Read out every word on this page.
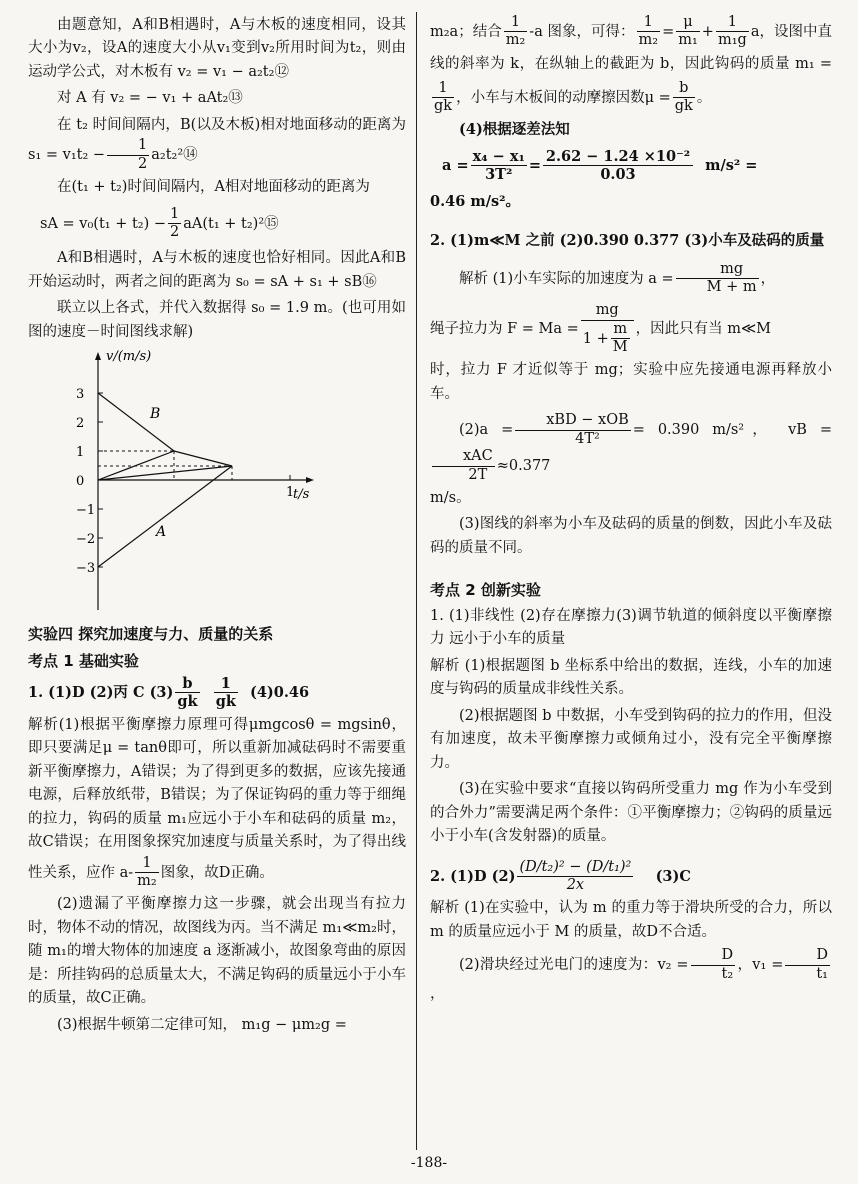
由题意知，A和B相遇时，A与木板的速度相同，设其大小为v₂，设A的速度大小从v₁变到v₂所用时间为t₂，则由运动学公式，对木板有 v₂ = v₁ − a₂t₂⑫

对 A 有 v₂ = − v₁ + aAt₂⑬

在 t₂ 时间间隔内，B(以及木板)相对地面移动的距离为 $s_1 = v_1t_2 - \frac{1}{2}$ a₂t₂²⑭

在(t₁ + t₂)时间间隔内，A相对地面移动的距离为

sA = $v_0(t_1 + t_2) - \frac{1}{2} aA(t_1$ + t₂)²⑮

A和B相遇时，A与木板的速度也恰好相同。因此A和B开始运动时，两者之间的距离为 s₀ = sA + s₁ + sB⑯

联立以上各式，并代入数据得 s₀ = 1.9 m。(也可用如图的速度－时间图线求解)

v/(m/s)
t/s
3
2
1
0
−1
−2
−3
1
B
A

实验四 探究加速度与力、质量的关系

考点 1 基础实验

1. (1)D (2)丙 C $(3) \frac{b}{gk}$
$\frac{1}{gk} (4)0.46$

解析(1)根据平衡摩擦力原理可得μmgcosθ = mgsinθ，即只要满足μ = tanθ即可，所以重新加减砝码时不需要重新平衡摩擦力，A错误；为了得到更多的数据，应该先接通电源，后释放纸带，B错误；为了保证钩码的重力等于细绳的拉力，钩码的质量 m₁应远小于小车和砝码的质量 m₂，故C错误；在用图象探究加速度与质量关系时，为了得出线性关系，应作 $a- \frac{1}{\text{m₂}}$ 图象，故D正确。

(2)遗漏了平衡摩擦力这一步骤，就会出现当有拉力时，物体不动的情况，故图线为丙。当不满足 m₁≪m₂时，随 m₁的增大物体的加速度 a 逐渐减小，故图象弯曲的原因是：所挂钩码的总质量太大，不满足钩码的质量远小于小车的质量，故C正确。

(3)根据牛顿第二定律可知， m₁g − μm₂g =

m₂a；结合 $\frac{1}{\text{m₂}} -a$ 图象，可得： $\frac{1}{\text{m₂}} = \frac{\mu}{\text{m₁}} + \frac{1}{\text{m₁g}}$ a，设图中直线的斜率为 k，在纵轴上的截距为 b，因此钩码的质量 m₁ =
$\frac{1}{gk}$ ，小车与木板间的动摩擦因数$\mu = \frac{b}{gk}$ 。

(4)根据逐差法知

$a = \frac{\text{x₄ − x₁}}{\text{3T²}} = \frac{\text{2.62 − 1.24 ×10⁻²}}{0.03} m/s^2$ =

0.46 m/s²。

2. (1)m≪M 之前 (2)0.390 0.377 (3)小车及砝码的质量

解析 (1)小车实际的加速度为 $a = \frac{mg}{M + m}$ ，

绳子拉力为 $F = Ma = \frac{mg}{1 + \frac{m}{M}}$ ，因此只有当 m≪M

时，拉力 F 才近似等于 mg；实验中应先接通电源再释放小车。

$(2)a = \frac{\text{xBD − xOB}}{\text{4T²}} = 0.390$ m/s²， vB =
$\frac{\text{xAC}}{2T} \approx 0.377$

m/s。

(3)图线的斜率为小车及砝码的质量的倒数，因此小车及砝码的质量不同。

考点 2 创新实验

1. (1)非线性 (2)存在摩擦力(3)调节轨道的倾斜度以平衡摩擦力 远小于小车的质量

解析 (1)根据题图 b 坐标系中给出的数据，连线，小车的加速度与钩码的质量成非线性关系。

(2)根据题图 b 中数据，小车受到钩码的拉力的作用，但没有加速度，故未平衡摩擦力或倾角过小，没有完全平衡摩擦力。

(3)在实验中要求“直接以钩码所受重力 mg 作为小车受到的合外力”需要满足两个条件：①平衡摩擦力；②钩码的质量远小于小车(含发射器)的质量。

2. (1)D $(2) \frac{\text{(D/t₂)² − (D/t₁)²}}{2x} (3)C$

解析 (1)在实验中，认为 m 的重力等于滑块所受的合力，所以 m 的质量应远小于 M 的质量，故D不合适。

(2)滑块经过光电门的速度为：$v_2 = \frac{D}{\text{t₂}}$ ，$v_1 = \frac{D}{\text{t₁}}$
，

-188-
